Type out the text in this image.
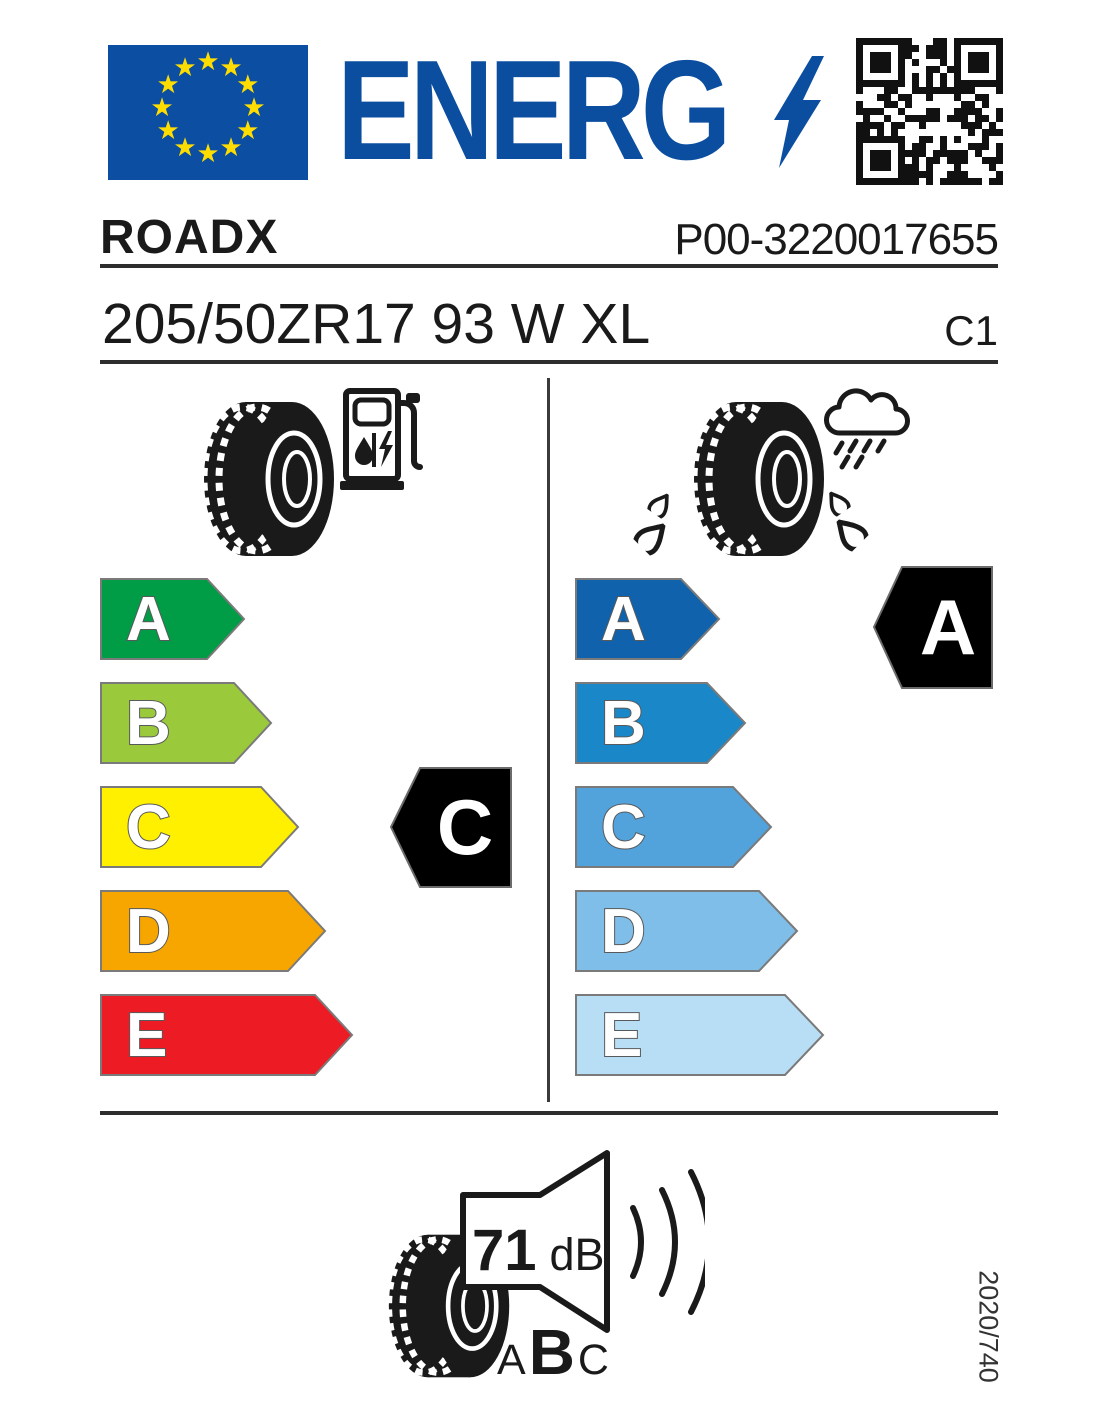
★ ★
★
★
★
★
★
★
★
★
★
★ ENERG
ROADX	P00-3220017655
205/50ZR17 93 W XL	C1
A
B
C
D
E
A
B
C
D
E
C
A
71 dB
A B C	2020/740
